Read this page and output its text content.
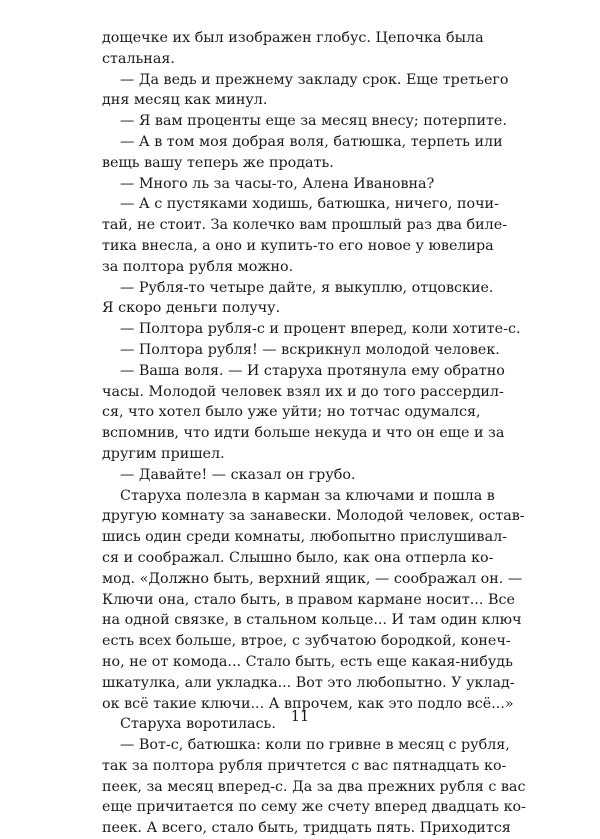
дощечке их был изображен глобус. Цепочка была
стальная.
— Да ведь и прежнему закладу срок. Еще третьего
дня месяц как минул.
— Я вам проценты еще за месяц внесу; потерпите.
— А в том моя добрая воля, батюшка, терпеть или
вещь вашу теперь же продать.
— Много ль за часы-то, Алена Ивановна?
— А с пустяками ходишь, батюшка, ничего, почи-
тай, не стоит. За колечко вам прошлый раз два биле-
тика внесла, а оно и купить-то его новое у ювелира
за полтора рубля можно.
— Рубля-то четыре дайте, я выкуплю, отцовские.
Я скоро деньги получу.
— Полтора рубля-с и процент вперед, коли хотите-с.
— Полтора рубля! — вскрикнул молодой человек.
— Ваша воля. — И старуха протянула ему обратно
часы. Молодой человек взял их и до того рассердил-
ся, что хотел было уже уйти; но тотчас одумался,
вспомнив, что идти больше некуда и что он еще и за
другим пришел.
— Давайте! — сказал он грубо.
Старуха полезла в карман за ключами и пошла в
другую комнату за занавески. Молодой человек, остав-
шись один среди комнаты, любопытно прислушивал-
ся и соображал. Слышно было, как она отперла ко-
мод. «Должно быть, верхний ящик, — соображал он. —
Ключи она, стало быть, в правом кармане носит... Все
на одной связке, в стальном кольце... И там один ключ
есть всех больше, втрое, с зубчатою бородкой, конеч-
но, не от комода... Стало быть, есть еще какая-нибудь
шкатулка, али укладка... Вот это любопытно. У уклад-
ок всё такие ключи... А впрочем, как это подло всё...»
Старуха воротилась.
— Вот-с, батюшка: коли по гривне в месяц с рубля,
так за полтора рубля причтется с вас пятнадцать ко-
пеек, за месяц вперед-с. Да за два прежних рубля с вас
еще причитается по сему же счету вперед двадцать ко-
пеек. А всего, стало быть, тридцать пять. Приходится
11
